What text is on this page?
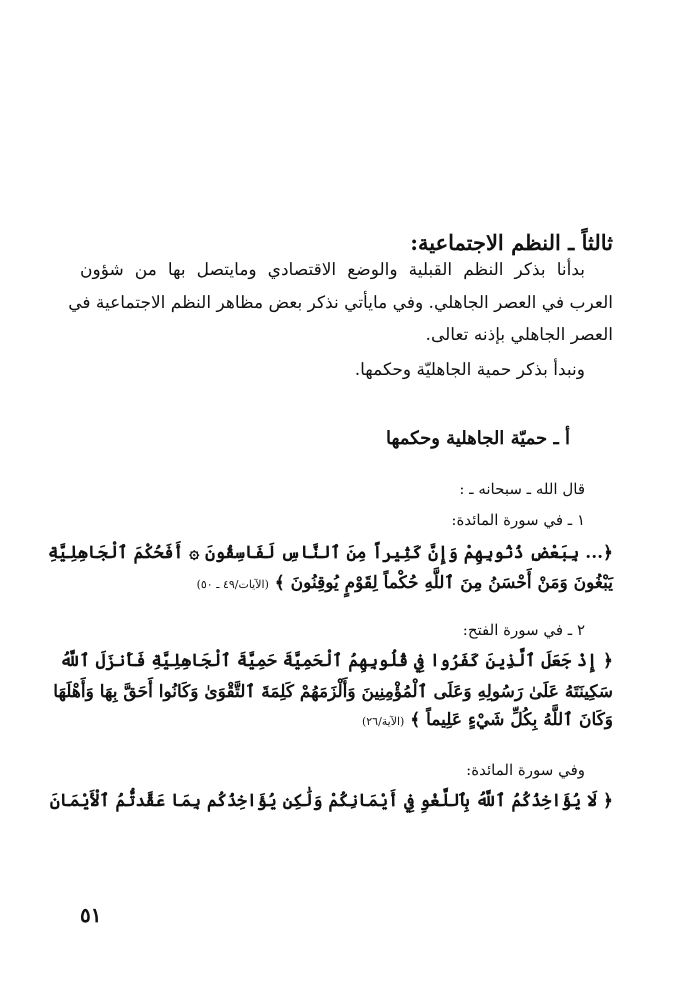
ثالثاً ـ النظم الاجتماعية:
بدأنا بذكر النظم القبلية والوضع الاقتصادي ومايتصل بها من شؤون
العرب في العصر الجاهلي. وفي مايأتي نذكر بعض مظاهر النظم الاجتماعية في
العصر الجاهلي بإذنه تعالى.
ونبدأ بذكر حمية الجاهليّة وحكمها.
أ ـ حميّة الجاهلية وحكمها
قال الله ـ سبحانه ـ :
١ ـ في سورة المائدة:
﴿... بِبَعْضِ ذُنُوبِهِمْ وَإِنَّ كَثِيراً مِنَ ٱلنَّاسِ لَفَاسِقُونَ ۞ أَفَحُكْمَ ٱلْجَاهِلِيَّةِ
يَبْغُونَ وَمَنْ أَحْسَنُ مِنَ ٱللَّهِ حُكْماً لِقَوْمٍ يُوقِنُونَ ﴾ (الآيات/٤٩ ـ ٥٠)
٢ ـ في سورة الفتح:
﴿ إِذْ جَعَلَ ٱلَّذِينَ كَفَرُوا فِي قُلُوبِهِمُ ٱلْحَمِيَّةَ حَمِيَّةَ ٱلْجَاهِلِيَّةِ فَأَنزَلَ ٱللَّهُ
سَكِينَتَهُ عَلَىٰ رَسُولِهِ وَعَلَى ٱلْمُؤْمِنِينَ وَأَلْزَمَهُمْ كَلِمَةَ ٱلتَّقْوَىٰ وَكَانُوا أَحَقَّ بِهَا وَأَهْلَهَا
وَكَانَ ٱللَّهُ بِكُلِّ شَيْءٍ عَلِيماً ﴾ (الآية/٢٦)
وفي سورة المائدة:
﴿ لَا يُؤَاخِذُكُمُ ٱللَّهُ بِٱللَّغْوِ فِي أَيْمَانِكُمْ وَلَٰكِن يُؤَاخِذُكُم بِمَا عَقَّدتُّمُ ٱلْأَيْمَانَ
٥١
